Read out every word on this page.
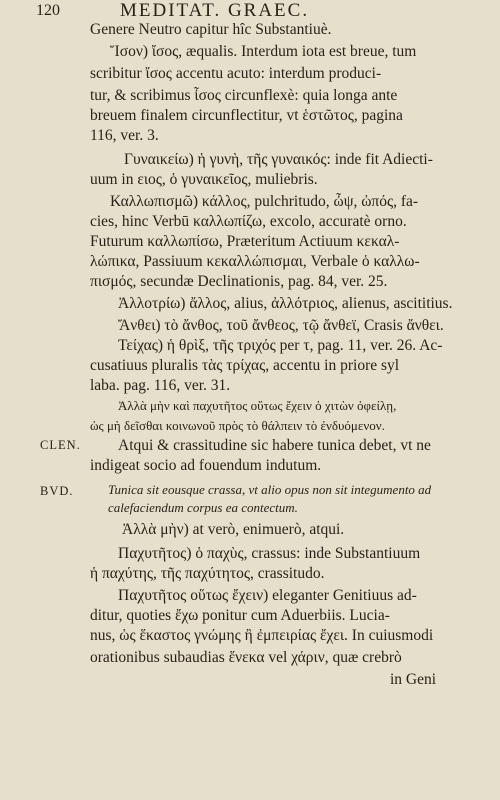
120	MEDITAT. GRAEC.
Genere Neutro capitur hîc Substantiuè.
Ἴσον) ἴσος, æqualis. Interdum iota est breue, tum
scribitur ἴσος accentu acuto: interdum produci-
tur, & scribimus ἶσος circunflexè: quia longa ante
breuem finalem circunflectitur, vt ἑστῶτος, pagina
116, ver. 3.
Γυναικείω) ἡ γυνὴ, τῆς γυναικός: inde fit Adiecti-
uum in ειος, ὁ γυναικεῖος, muliebris.
Καλλωπισμῶ) κάλλος, pulchritudo, ὦψ, ὠπός, fa-
cies, hinc Verbū καλλωπίζω, excolo, accuratè orno.
Futurum καλλωπίσω, Præteritum Actiuum κεκαλ-
λώπικα, Passiuum κεκαλλώπισμαι, Verbale ὁ καλλω-
πισμός, secundæ Declinationis, pag. 84, ver. 25.
Ἀλλοτρίω) ἄλλος, alius, ἀλλότριος, alienus, ascititius.
Ἄνθει) τὸ ἄνθος, τοῦ ἄνθεος, τῷ ἄνθεϊ, Crasis ἄνθει.
Τείχας) ἡ θρὶξ, τῆς τριχός per τ, pag. 11, ver. 26. Ac-
cusatiuus pluralis τὰς τρίχας, accentu in priore syl
laba. pag. 116, ver. 31.
Ἀλλὰ μὴν καὶ παχυτῆτος οὕτως ἔχειν ὁ χιτὼν ὀφείλῃ,
ὡς μὴ δεῖσθαι κοινωνοῦ πρὸς τὸ θάλπειν τὸ ἐνδυόμενον.
CLEN. Atqui & crassitudine sic habere tunica debet, vt ne
indigeat socio ad fouendum indutum.
BVD.	Tunica sit eousque crassa, vt alio opus non sit integumento ad
calefaciendum corpus ea contectum.
Ἀλλὰ μὴν) at verò, enimuerò, atqui.
Παχυτῆτος) ὁ παχὺς, crassus: inde Substantiuum
ἡ παχύτης, τῆς παχύτητος, crassitudo.
Παχυτῆτος οὕτως ἔχειν) eleganter Genitiuus ad-
ditur, quoties ἔχω ponitur cum Aduerbiis. Lucia-
nus, ὡς ἕκαστος γνώμης ἢ ἐμπειρίας ἔχει. In cuiusmodi
orationibus subaudias ἕνεκα vel χάριν, quæ crebrò
in Geni
